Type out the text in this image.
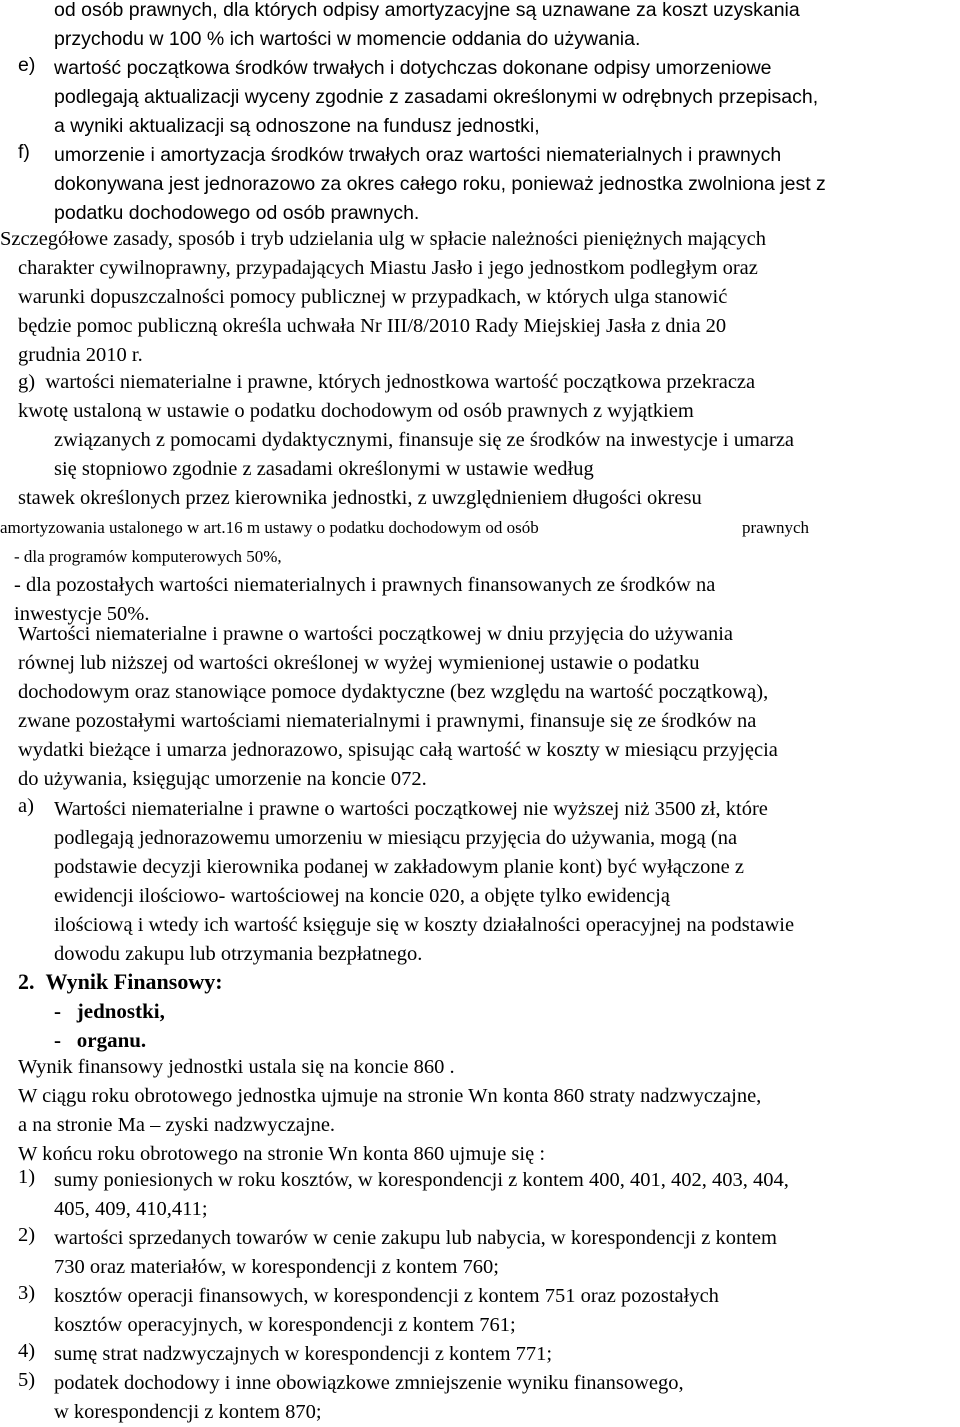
od osób prawnych, dla których odpisy amortyzacyjne są uznawane za koszt uzyskania

przychodu w 100 % ich wartości w momencie oddania do używania.

e) wartość początkowa środków trwałych i dotychczas dokonane odpisy umorzeniowe

podlegają aktualizacji wyceny zgodnie z zasadami określonymi w odrębnych przepisach,

a wyniki aktualizacji są odnoszone na fundusz jednostki,

f) umorzenie i amortyzacja środków trwałych oraz wartości niematerialnych i prawnych

dokonywana jest jednorazowo za okres całego roku, ponieważ jednostka zwolniona jest z

podatku dochodowego od osób prawnych.

Szczegółowe zasady, sposób i tryb udzielania ulg w spłacie należności pieniężnych mających

charakter cywilnoprawny, przypadających Miastu Jasło i jego jednostkom podległym oraz

warunki dopuszczalności pomocy publicznej w przypadkach, w których ulga stanowić

będzie pomoc publiczną określa uchwała Nr III/8/2010 Rady Miejskiej Jasła z dnia 20

grudnia 2010 r.

g) wartości niematerialne i prawne, których jednostkowa wartość początkowa przekracza

kwotę ustaloną w ustawie o podatku dochodowym od osób prawnych z wyjątkiem

związanych z pomocami dydaktycznymi, finansuje się ze środków na inwestycje i umarza

się stopniowo zgodnie z zasadami określonymi w ustawie według

stawek określonych przez kierownika jednostki, z uwzględnieniem długości okresu

amortyzowania ustalonego w art.16 m ustawy o podatku dochodowym od osób	prawnych

- dla programów komputerowych 50%,

- dla pozostałych wartości niematerialnych i prawnych finansowanych ze środków na

inwestycje 50%.

Wartości niematerialne i prawne o wartości początkowej w dniu przyjęcia do używania

równej lub niższej od wartości określonej w wyżej wymienionej ustawie o podatku

dochodowym oraz stanowiące pomoce dydaktyczne (bez względu na wartość początkową),

zwane pozostałymi wartościami niematerialnymi i prawnymi, finansuje się ze środków na

wydatki bieżące i umarza jednorazowo, spisując całą wartość w koszty w miesiącu przyjęcia

do używania, księgując umorzenie na koncie 072.

a) Wartości niematerialne i prawne o wartości początkowej nie wyższej niż 3500 zł, które

podlegają jednorazowemu umorzeniu w miesiącu przyjęcia do używania, mogą (na

podstawie decyzji kierownika podanej w zakładowym planie kont) być wyłączone z

ewidencji ilościowo- wartościowej na koncie 020, a objęte tylko ewidencją

ilościową i wtedy ich wartość księguje się w koszty działalności operacyjnej na podstawie

dowodu zakupu lub otrzymania bezpłatnego.

2. Wynik Finansowy:

- jednostki,

- organu.

Wynik finansowy jednostki ustala się na koncie 860 .

W ciągu roku obrotowego jednostka ujmuje na stronie Wn konta 860 straty nadzwyczajne,

a na stronie Ma – zyski nadzwyczajne.

W końcu roku obrotowego na stronie Wn konta 860 ujmuje się :

1) sumy poniesionych w roku kosztów, w korespondencji z kontem 400, 401, 402, 403, 404,

405, 409, 410,411;

2) wartości sprzedanych towarów w cenie zakupu lub nabycia, w korespondencji z kontem

730 oraz materiałów, w korespondencji z kontem 760;

3) kosztów operacji finansowych, w korespondencji z kontem 751 oraz pozostałych

kosztów operacyjnych, w korespondencji z kontem 761;

4) sumę strat nadzwyczajnych w korespondencji z kontem 771;

5) podatek dochodowy i inne obowiązkowe zmniejszenie wyniku finansowego,

w korespondencji z kontem 870;
